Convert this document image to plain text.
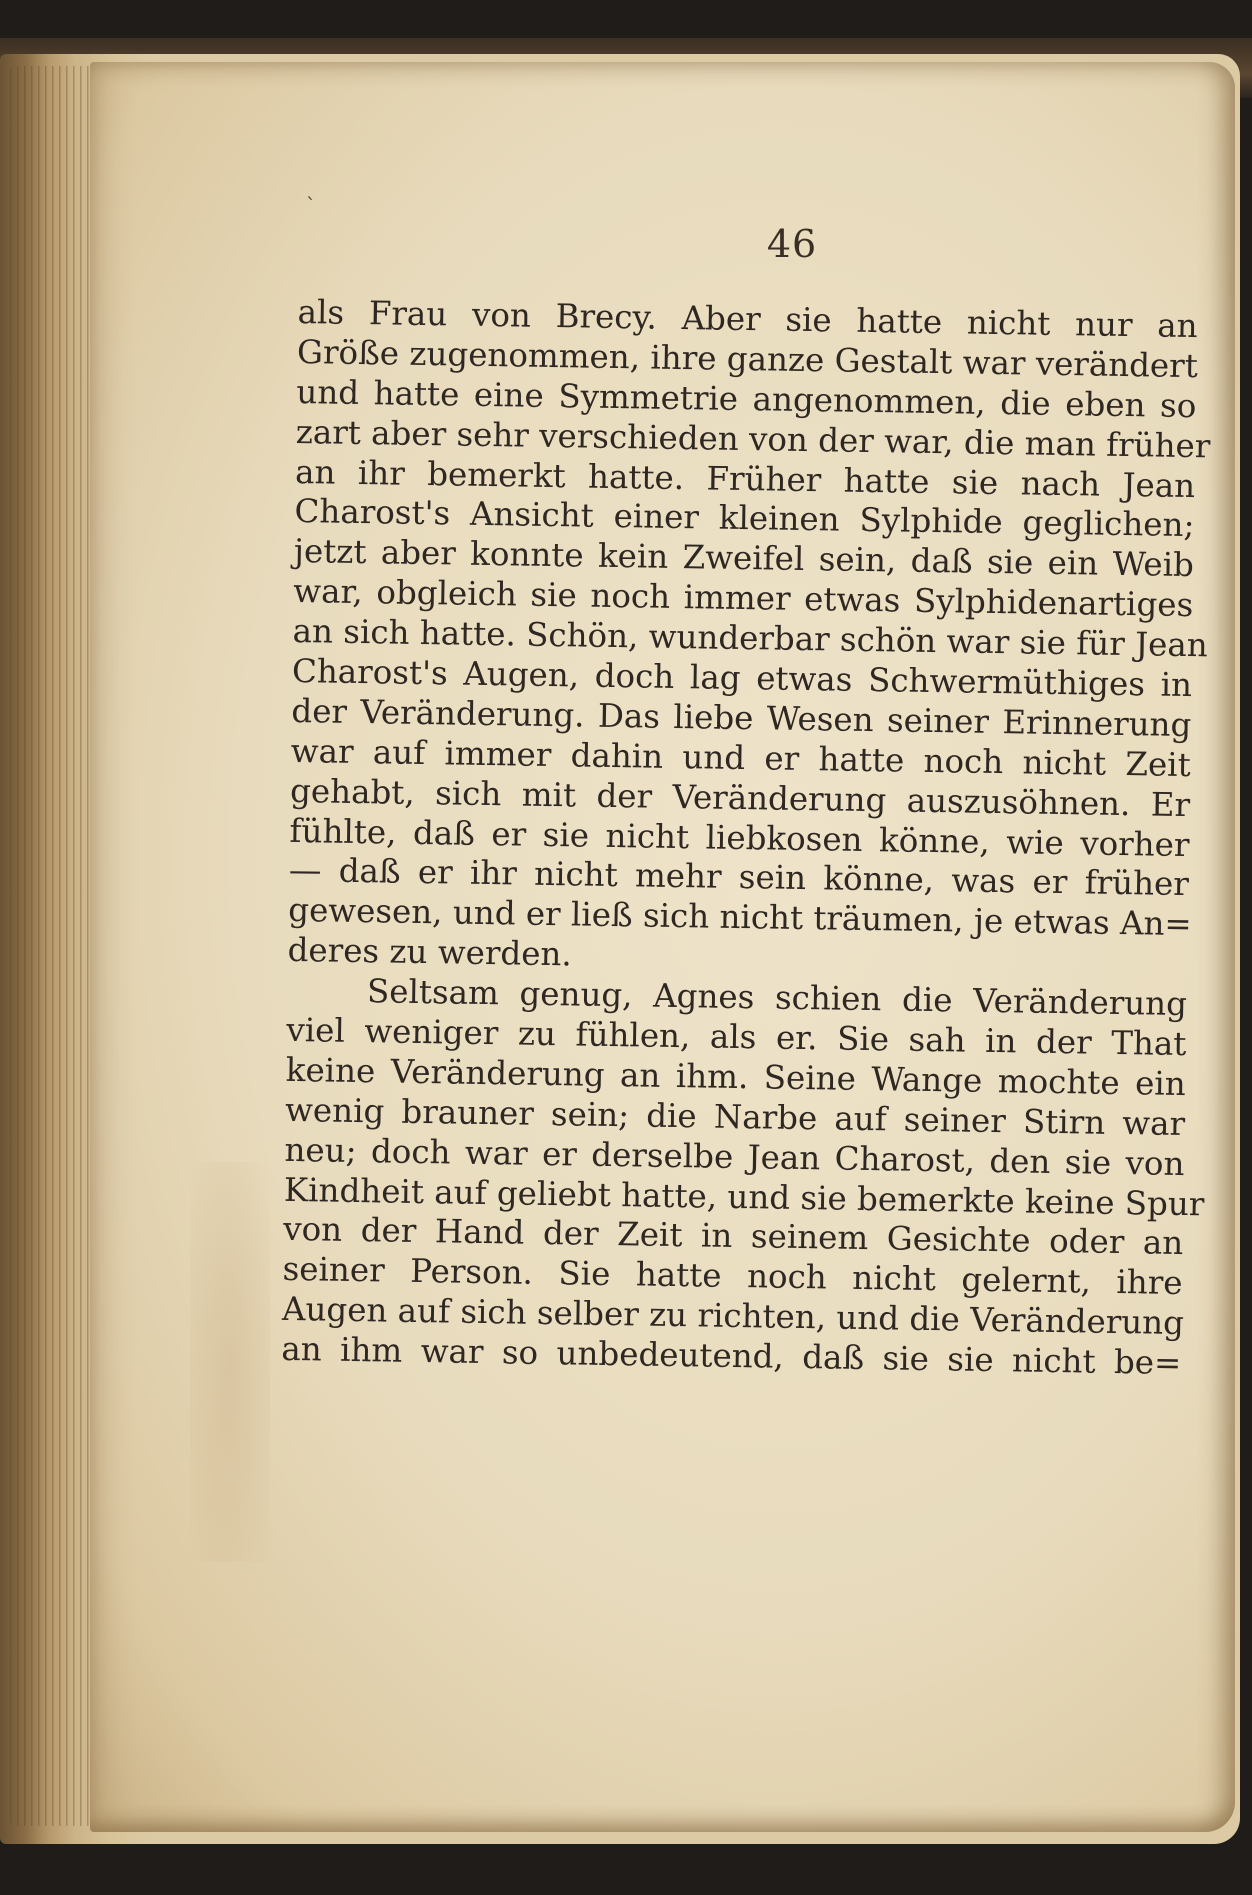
ˋ
46
als Frau von Brecy. Aber sie hatte nicht nur an
Größe zugenommen, ihre ganze Gestalt war verändert
und hatte eine Symmetrie angenommen, die eben so
zart aber sehr verschieden von der war, die man früher
an ihr bemerkt hatte. Früher hatte sie nach Jean
Charost's Ansicht einer kleinen Sylphide geglichen;
jetzt aber konnte kein Zweifel sein, daß sie ein Weib
war, obgleich sie noch immer etwas Sylphidenartiges
an sich hatte. Schön, wunderbar schön war sie für Jean
Charost's Augen, doch lag etwas Schwermüthiges in
der Veränderung. Das liebe Wesen seiner Erinnerung
war auf immer dahin und er hatte noch nicht Zeit
gehabt, sich mit der Veränderung auszusöhnen. Er
fühlte, daß er sie nicht liebkosen könne, wie vorher
— daß er ihr nicht mehr sein könne, was er früher
gewesen, und er ließ sich nicht träumen, je etwas An=
deres zu werden.
Seltsam genug, Agnes schien die Veränderung
viel weniger zu fühlen, als er. Sie sah in der That
keine Veränderung an ihm. Seine Wange mochte ein
wenig brauner sein; die Narbe auf seiner Stirn war
neu; doch war er derselbe Jean Charost, den sie von
Kindheit auf geliebt hatte, und sie bemerkte keine Spur
von der Hand der Zeit in seinem Gesichte oder an
seiner Person. Sie hatte noch nicht gelernt, ihre
Augen auf sich selber zu richten, und die Veränderung
an ihm war so unbedeutend, daß sie sie nicht be=
